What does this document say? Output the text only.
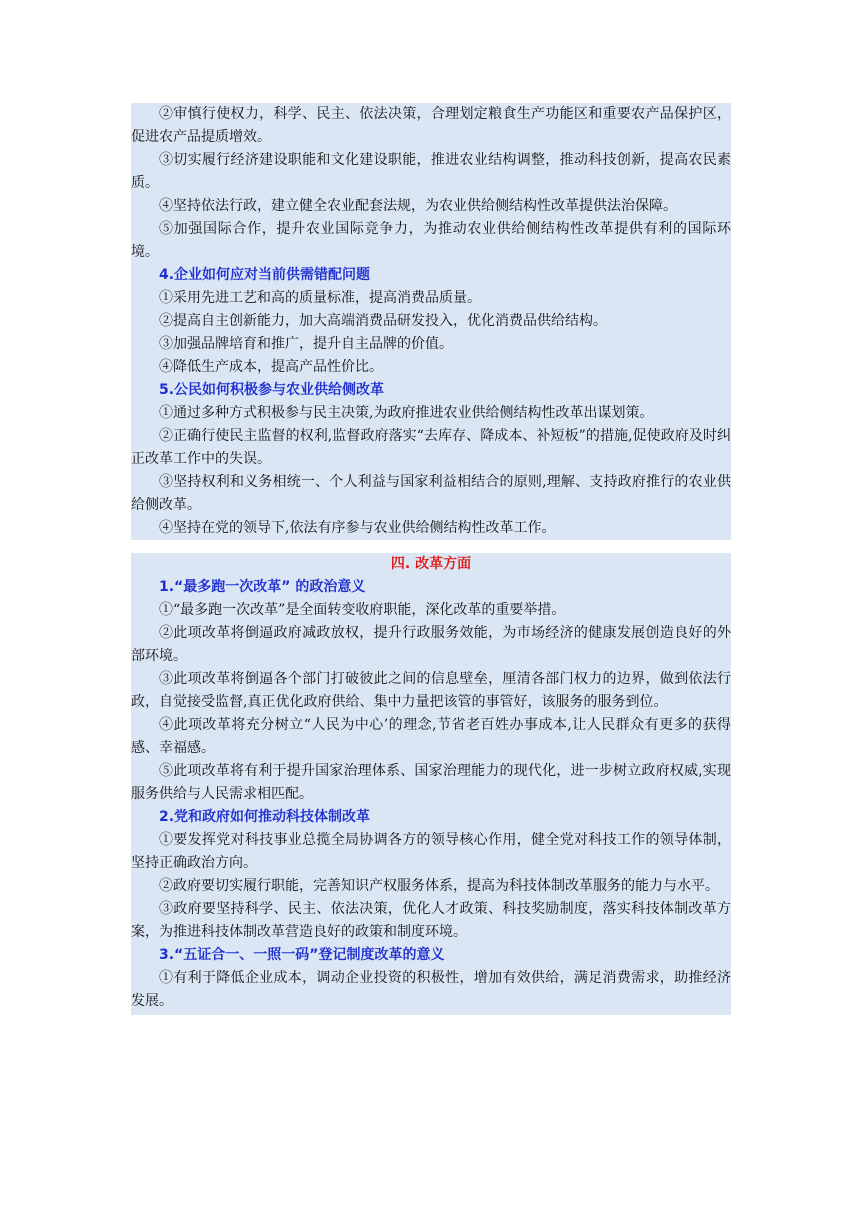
②审慎行使权力，科学、民主、依法决策，合理划定粮食生产功能区和重要农产品保护区，促进农产品提质增效。

③切实履行经济建设职能和文化建设职能，推进农业结构调整，推动科技创新，提高农民素质。

④坚持依法行政，建立健全农业配套法规，为农业供给侧结构性改革提供法治保障。

⑤加强国际合作，提升农业国际竞争力，为推动农业供给侧结构性改革提供有利的国际环境。

4.企业如何应对当前供需错配问题

①采用先进工艺和高的质量标准，提高消费品质量。

②提高自主创新能力，加大高端消费品研发投入，优化消费品供给结构。

③加强品牌培育和推广，提升自主品牌的价值。

④降低生产成本，提高产品性价比。

5.公民如何积极参与农业供给侧改革

①通过多种方式积极参与民主决策,为政府推进农业供给侧结构性改革出谋划策。

②正确行使民主监督的权利,监督政府落实“去库存、降成本、补短板”的措施,促使政府及时纠正改革工作中的失误。

③坚持权利和义务相统一、个人利益与国家利益相结合的原则,理解、支持政府推行的农业供给侧改革。

④坚持在党的领导下,依法有序参与农业供给侧结构性改革工作。

四. 改革方面

1.“最多跑一次改革” 的政治意义

①“最多跑一次改革”是全面转变收府职能，深化改革的重要举措。

②此项改革将倒逼政府减政放权，提升行政服务效能，为市场经济的健康发展创造良好的外部环境。

③此项改革将倒逼各个部门打破彼此之间的信息壁垒，厘清各部门权力的边界，做到依法行政，自觉接受监督,真正优化政府供给、集中力量把该管的事管好，该服务的服务到位。

④此项改革将充分树立“人民为中心’的理念,节省老百姓办事成本,让人民群众有更多的获得感、幸福感。

⑤此项改革将有利于提升国家治理体系、国家治理能力的现代化，进一步树立政府权威,实现服务供给与人民需求相匹配。

2.党和政府如何推动科技体制改革

①要发挥党对科技事业总揽全局协调各方的领导核心作用，健全党对科技工作的领导体制，坚持正确政治方向。

②政府要切实履行职能，完善知识产权服务体系，提高为科技体制改革服务的能力与水平。

③政府要坚持科学、民主、依法决策，优化人才政策、科技奖励制度，落实科技体制改革方案，为推进科技体制改革营造良好的政策和制度环境。

3.“五证合一、一照一码”登记制度改革的意义

①有利于降低企业成本，调动企业投资的积极性，增加有效供给，满足消费需求，助推经济发展。
